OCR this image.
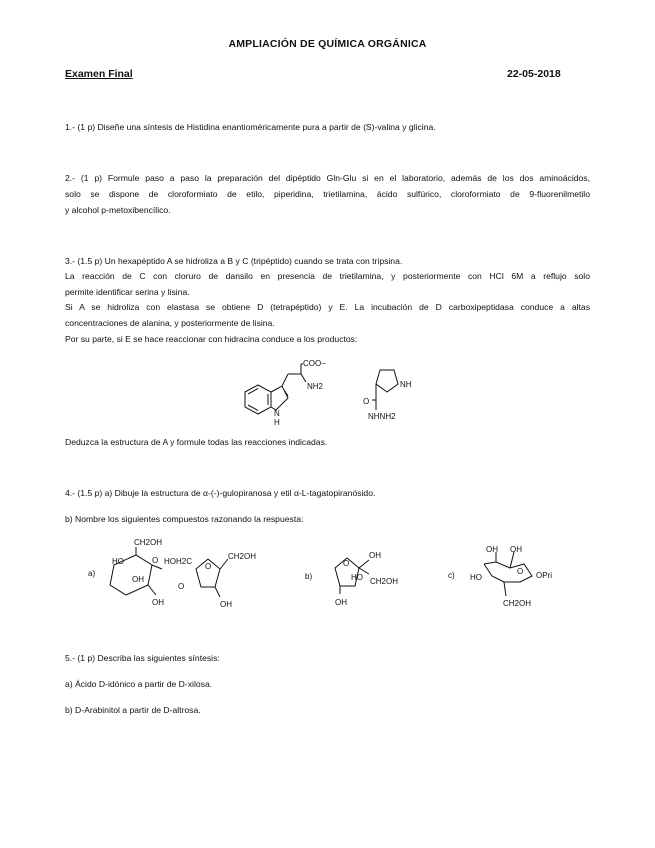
AMPLIACIÓN DE QUÍMICA ORGÁNICA
Examen Final	22-05-2018
1.- (1 p) Diseñe una síntesis de Histidina enantioméricamente pura a partir de (S)-valina y glicina.
2.- (1 p) Formule paso a paso la preparación del dipéptido Gln-Glu si en el laboratorio, además de los dos aminoácidos,
solo se dispone de cloroformiato de etilo, piperidina, trietilamina, ácido sulfúrico, cloroformiato de 9-fluorenilmetilo
y alcohol p-metoxibencílico.
3.- (1.5 p) Un hexapéptido A se hidroliza a B y C (tripéptido) cuando se trata con tripsina.
La reacción de C con cloruro de dansilo en presencia de trietilamina, y posteriormente con HCl 6M a reflujo solo
permite identificar serina y lisina.
Si A se hidroliza con elastasa se obtiene D (tetrapéptido) y E. La incubación de D carboxipeptidasa conduce a altas
concentraciones de alanina, y posteriormente de lisina.
Por su parte, si E se hace reaccionar con hidracina conduce a los productos:
COO−
NH2
N
H
NH
O
NHNH2
Deduzca la estructura de A y formule todas las reacciones indicadas.
4.- (1.5 p) a) Dibuje la estructura de α-(-)-gulopiranosa y etil α-L-tagatopiranósido.
b) Nombre los siguientes compuestos razonando la respuesta:
a)
CH2OH
HO
OH
O
OH
HOH2C
O
O
CH2OH
OH
b)
O
OH
CH2OH
HO
OH
c)
OH OH
HO
O OPri
CH2OH
5.- (1 p) Describa las siguientes síntesis:
a) Ácido D-idónico a partir de D-xilosa.
b) D-Arabinitol a partir de D-altrosa.
